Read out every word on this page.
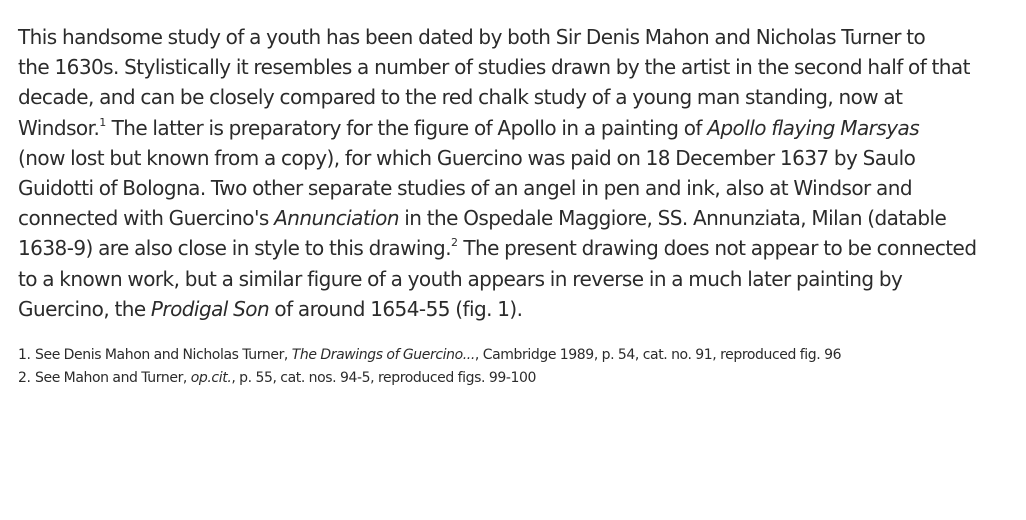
This handsome study of a youth has been dated by both Sir Denis Mahon and Nicholas Turner to
the 1630s. Stylistically it resembles a number of studies drawn by the artist in the second half of that
decade, and can be closely compared to the red chalk study of a young man standing, now at
Windsor.$^1$ The latter is preparatory for the figure of Apollo in a painting of Apollo flaying Marsyas
(now lost but known from a copy), for which Guercino was paid on 18 December 1637 by Saulo
Guidotti of Bologna. Two other separate studies of an angel in pen and ink, also at Windsor and
connected with Guercino's Annunciation in the Ospedale Maggiore, SS. Annunziata, Milan (datable
1638-9) are also close in style to this drawing.$^2$ The present drawing does not appear to be connected
to a known work, but a similar figure of a youth appears in reverse in a much later painting by
Guercino, the Prodigal Son of around 1654-55 (fig. 1).

1. See Denis Mahon and Nicholas Turner, The Drawings of Guercino..., Cambridge 1989, p. 54, cat. no. 91, reproduced fig. 96
2. See Mahon and Turner, op.cit., p. 55, cat. nos. 94-5, reproduced figs. 99-100
